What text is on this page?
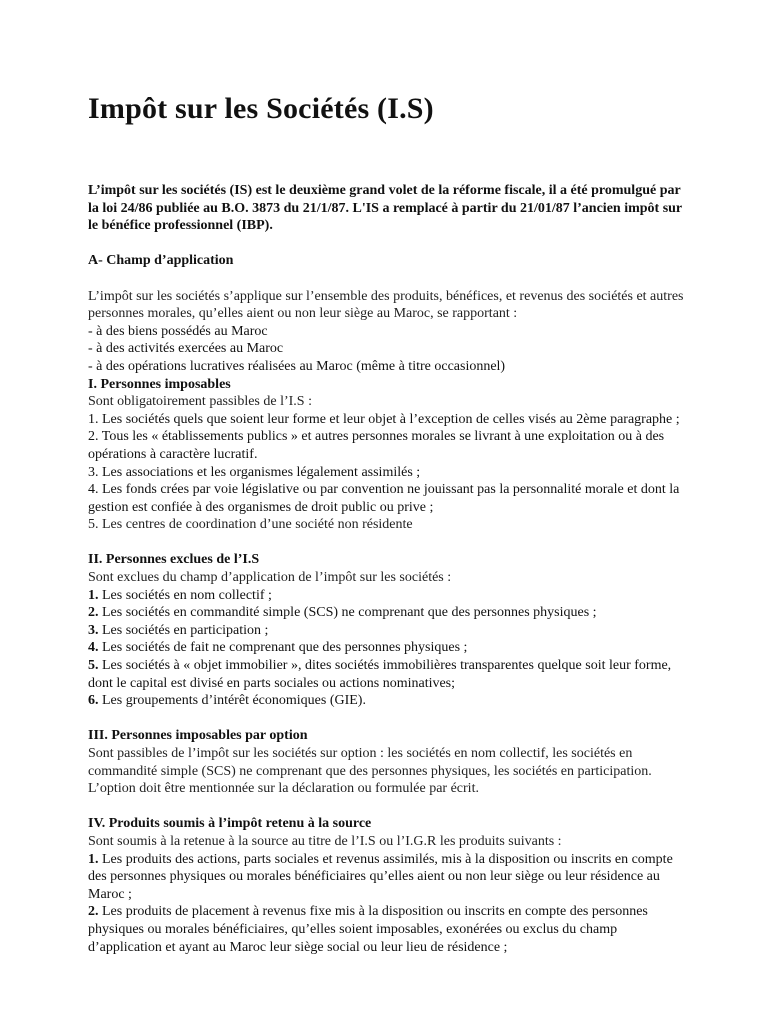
Impôt sur les Sociétés (I.S)

L’impôt sur les sociétés (IS) est le deuxième grand volet de la réforme fiscale, il a été promulgué par la loi 24/86 publiée au B.O. 3873 du 21/1/87. L'IS a remplacé à partir du 21/01/87 l’ancien impôt sur le bénéfice professionnel (IBP).

A- Champ d’application

L’impôt sur les sociétés s’applique sur l’ensemble des produits, bénéfices, et revenus des sociétés et autres personnes morales, qu’elles aient ou non leur siège au Maroc, se rapportant :

- à des biens possédés au Maroc
- à des activités exercées au Maroc
- à des opérations lucratives réalisées au Maroc (même à titre occasionnel)

I. Personnes imposables

Sont obligatoirement passibles de l’I.S :

1. Les sociétés quels que soient leur forme et leur objet à l’exception de celles visés au 2ème paragraphe ;
2. Tous les « établissements publics » et autres personnes morales se livrant à une exploitation ou à des opérations à caractère lucratif.
3. Les associations et les organismes légalement assimilés ;
4. Les fonds crées par voie législative ou par convention ne jouissant pas la personnalité morale et dont la gestion est confiée à des organismes de droit public ou prive ;
5. Les centres de coordination d’une société non résidente

II. Personnes exclues de l’I.S

Sont exclues du champ d’application de l’impôt sur les sociétés :

1. Les sociétés en nom collectif ;
2. Les sociétés en commandité simple (SCS) ne comprenant que des personnes physiques ;
3. Les sociétés en participation ;
4. Les sociétés de fait ne comprenant que des personnes physiques ;
5. Les sociétés à « objet immobilier », dites sociétés immobilières transparentes quelque soit leur forme, dont le capital est divisé en parts sociales ou actions nominatives;
6. Les groupements d’intérêt économiques (GIE).

III. Personnes imposables par option

Sont passibles de l’impôt sur les sociétés sur option : les sociétés en nom collectif, les sociétés en commandité simple (SCS) ne comprenant que des personnes physiques, les sociétés en participation. L’option doit être mentionnée sur la déclaration ou formulée par écrit.

IV. Produits soumis à l’impôt retenu à la source

Sont soumis à la retenue à la source au titre de l’I.S ou l’I.G.R les produits suivants :

1. Les produits des actions, parts sociales et revenus assimilés, mis à la disposition ou inscrits en compte des personnes physiques ou morales bénéficiaires qu’elles aient ou non leur siège ou leur résidence au Maroc ;
2. Les produits de placement à revenus fixe mis à la disposition ou inscrits en compte des personnes physiques ou morales bénéficiaires, qu’elles soient imposables, exonérées ou exclus du champ d’application et ayant au Maroc leur siège social ou leur lieu de résidence ;
